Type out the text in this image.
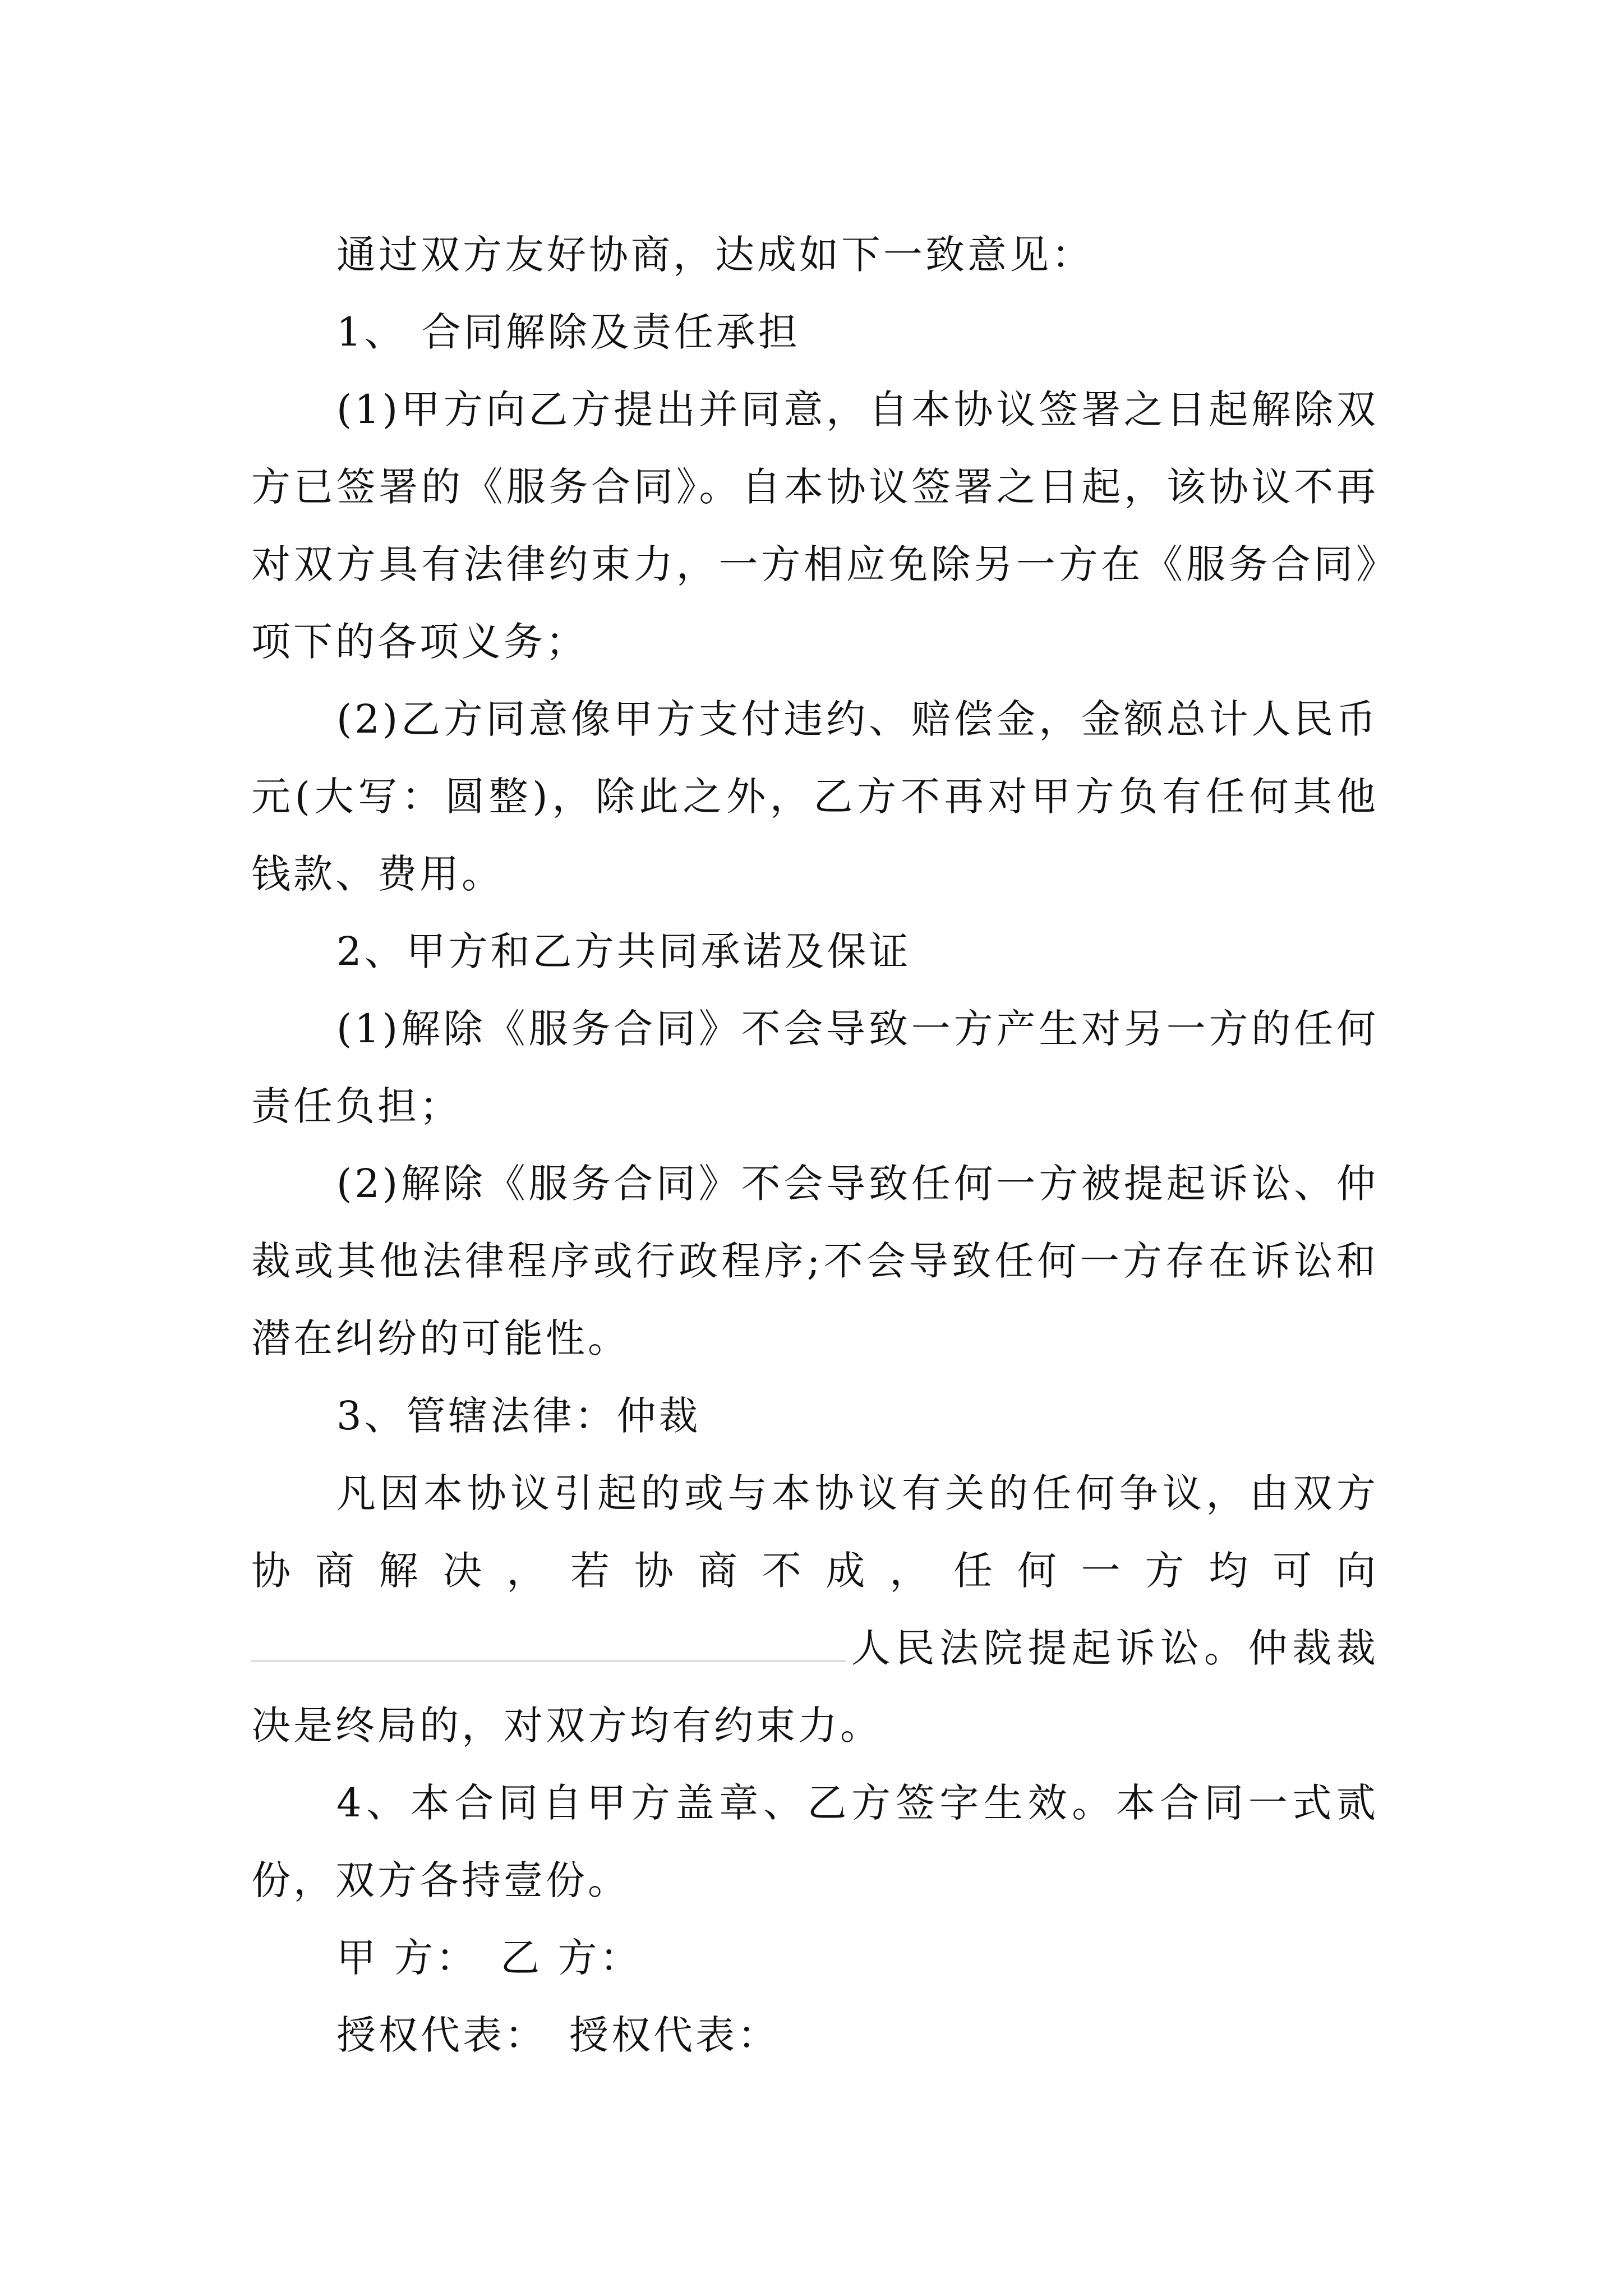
通过双方友好协商，达成如下一致意见：

1、 合同解除及责任承担

(1)甲方向乙方提出并同意，自本协议签署之日起解除双方已签署的《服务合同》。自本协议签署之日起，该协议不再对双方具有法律约束力，一方相应免除另一方在《服务合同》项下的各项义务；

(2)乙方同意像甲方支付违约、赔偿金，金额总计人民币 元(大写：圆整)，除此之外，乙方不再对甲方负有任何其他钱款、费用。

2、甲方和乙方共同承诺及保证

(1)解除《服务合同》不会导致一方产生对另一方的任何责任负担；

(2)解除《服务合同》不会导致任何一方被提起诉讼、仲裁或其他法律程序或行政程序;不会导致任何一方存在诉讼和潜在纠纷的可能性。

3、管辖法律：仲裁

凡因本协议引起的或与本协议有关的任何争议，由双方协商解决，若协商不成，任何一方均可向人民法院提起诉讼。仲裁裁决是终局的，对双方均有约束力。

4、本合同自甲方盖章、乙方签字生效。本合同一式贰份，双方各持壹份。

甲 方： 乙 方：

授权代表： 授权代表：
